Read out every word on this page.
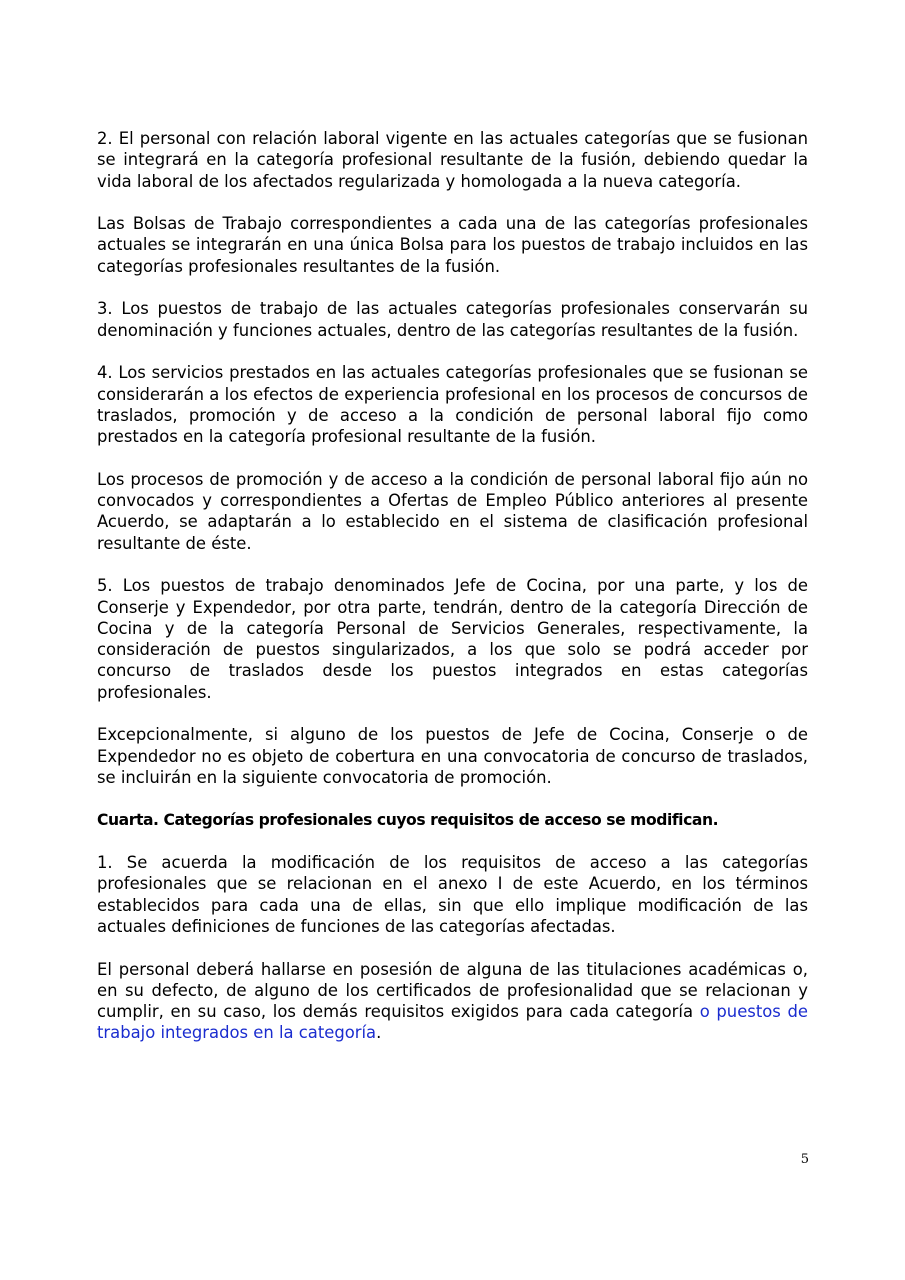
2. El personal con relación laboral vigente en las actuales categorías que se fusionan se integrará en la categoría profesional resultante de la fusión, debiendo quedar la vida laboral de los afectados regularizada y homologada a la nueva categoría.

Las Bolsas de Trabajo correspondientes a cada una de las categorías profesionales actuales se integrarán en una única Bolsa para los puestos de trabajo incluidos en las categorías profesionales resultantes de la fusión.

3. Los puestos de trabajo de las actuales categorías profesionales conservarán su denominación y funciones actuales, dentro de las categorías resultantes de la fusión.

4. Los servicios prestados en las actuales categorías profesionales que se fusionan se considerarán a los efectos de experiencia profesional en los procesos de concursos de traslados, promoción y de acceso a la condición de personal laboral fijo como prestados en la categoría profesional resultante de la fusión.

Los procesos de promoción y de acceso a la condición de personal laboral fijo aún no convocados y correspondientes a Ofertas de Empleo Público anteriores al presente Acuerdo, se adaptarán a lo establecido en el sistema de clasificación profesional resultante de éste.

5. Los puestos de trabajo denominados Jefe de Cocina, por una parte, y los de Conserje y Expendedor, por otra parte, tendrán, dentro de la categoría Dirección de Cocina y de la categoría Personal de Servicios Generales, respectivamente, la consideración de puestos singularizados, a los que solo se podrá acceder por concurso de traslados desde los puestos integrados en estas categorías profesionales.

Excepcionalmente, si alguno de los puestos de Jefe de Cocina, Conserje o de Expendedor no es objeto de cobertura en una convocatoria de concurso de traslados, se incluirán en la siguiente convocatoria de promoción.

Cuarta. Categorías profesionales cuyos requisitos de acceso se modifican.

1. Se acuerda la modificación de los requisitos de acceso a las categorías profesionales que se relacionan en el anexo I de este Acuerdo, en los términos establecidos para cada una de ellas, sin que ello implique modificación de las actuales definiciones de funciones de las categorías afectadas.

El personal deberá hallarse en posesión de alguna de las titulaciones académicas o, en su defecto, de alguno de los certificados de profesionalidad que se relacionan y cumplir, en su caso, los demás requisitos exigidos para cada categoría o puestos de trabajo integrados en la categoría.

5
